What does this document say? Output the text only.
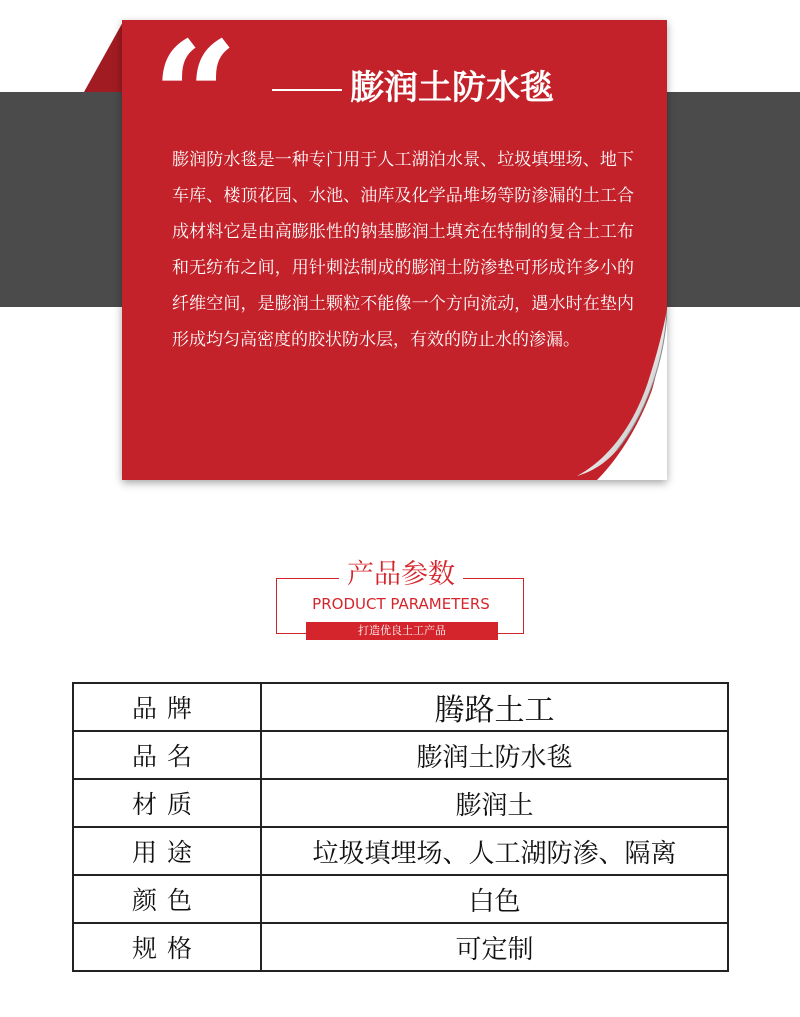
“	膨润土防水毯
膨润防水毯是一种专门用于人工湖泊水景、垃圾填埋场、地下车库、楼顶花园、水池、油库及化学品堆场等防渗漏的土工合成材料它是由高膨胀性的钠基膨润土填充在特制的复合土工布和无纺布之间，用针刺法制成的膨润土防渗垫可形成许多小的纤维空间，是膨润土颗粒不能像一个方向流动，遇水时在垫内形成均匀高密度的胶状防水层，有效的防止水的渗漏。
产品参数
PRODUCT PARAMETERS
打造优良土工产品
品牌	腾路土工
品名	膨润土防水毯
材质	膨润土
用途	垃圾填埋场、人工湖防渗、隔离
颜色	白色
规格	可定制
